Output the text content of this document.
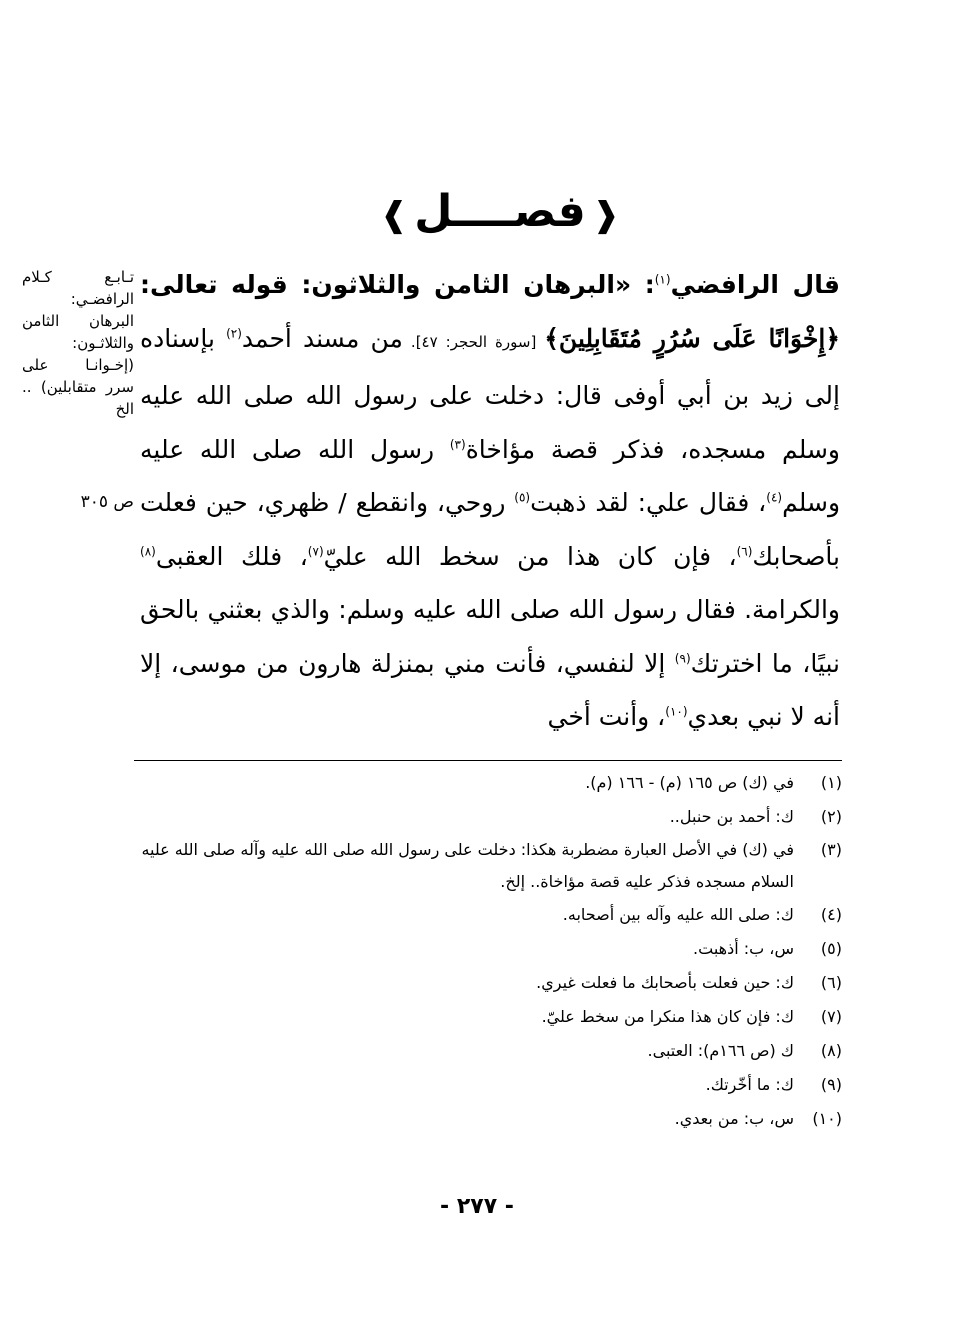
❰فصــــل❱
تـابـع كـلام الرافضـي: البرهان الثامن والثلاثـون: (إخـوانـا على سرر متقابلين) .. الخ
ص ٣٠٥
قال الرافضي$^{(١)}$: «البرهان الثامن والثلاثون: قوله تعالى: ﴿إِخْوَانًا عَلَى سُرُرٍ مُتَقَابِلِينَ﴾ [سورة الحجر: ٤٧]. من مسند أحمد$^{(٢)}$ بإسناده إلى زيد بن أبي أوفى قال: دخلت على رسول الله صلى الله عليه وسلم مسجده، فذكر قصة مؤاخاة$^{(٣)}$ رسول الله صلى الله عليه وسلم$^{(٤)}$، فقال علي: لقد ذهبت$^{(٥)}$ روحي، وانقطع / ظهري، حين فعلت بأصحابك$^{(٦)}$، فإن كان هذا من سخط الله عليّ$^{(٧)}$، فلك العقبى$^{(٨)}$ والكرامة. فقال رسول الله صلى الله عليه وسلم: والذي بعثني بالحق نبيًا، ما اخترتك$^{(٩)}$ إلا لنفسي، فأنت مني بمنزلة هارون من موسى، إلا أنه لا نبي بعدي$^{(١٠)}$، وأنت أخي
(١)
في (ك) ص ١٦٥ (م) - ١٦٦ (م).
(٢)
ك: أحمد بن حنبل..
(٣)
في (ك) في الأصل العبارة مضطربة هكذا: دخلت على رسول الله صلى الله عليه وآله صلى الله عليه السلام مسجده فذكر عليه قصة مؤاخاة.. إلخ.
(٤)
ك: صلى الله عليه وآله بين أصحابه.
(٥)
س، ب: أذهبت.
(٦)
ك: حين فعلت بأصحابك ما فعلت غيري.
(٧)
ك: فإن كان هذا منكرا من سخط عليّ.
(٨)
ك (ص ١٦٦م): العتبى.
(٩)
ك: ما أخّرتك.
(١٠)
س، ب: من بعدي.
- ٢٧٧ -
